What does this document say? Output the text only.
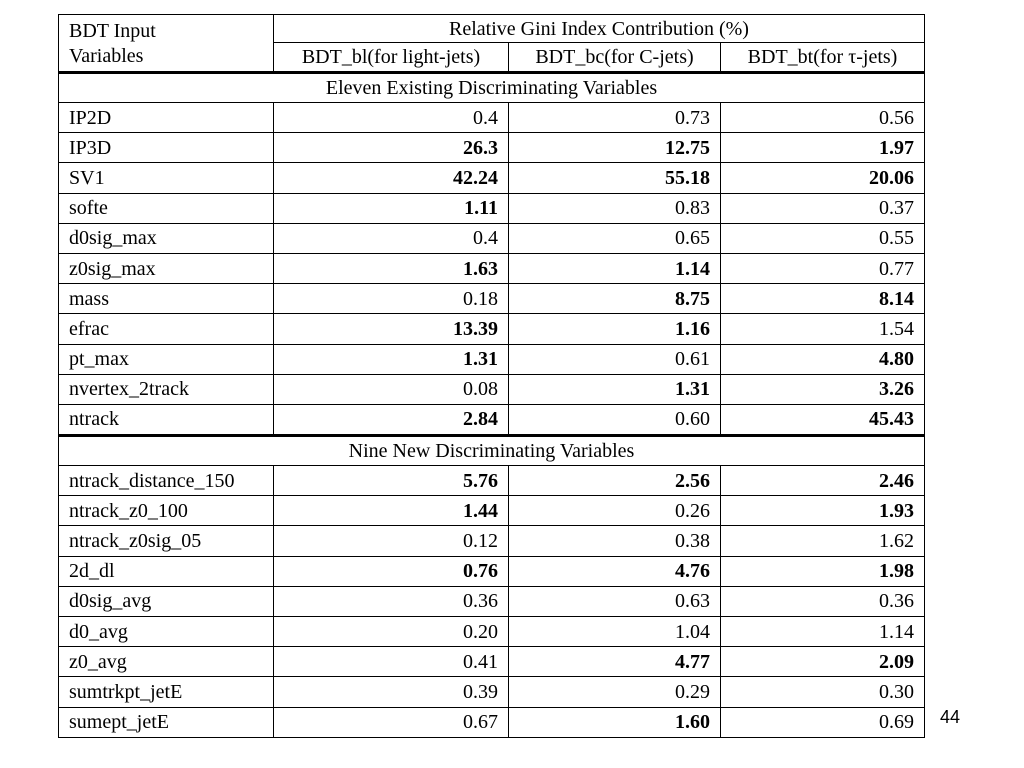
BDT Input
Variables	Relative Gini Index Contribution (%)		
	BDT_bl(for light-jets)	BDT_bc(for C-jets)	BDT_bt(for τ-jets)
Eleven Existing Discriminating Variables			
IP2D	0.4	0.73	0.56
IP3D	26.3	12.75	1.97
SV1	42.24	55.18	20.06
softe	1.11	0.83	0.37
d0sig_max	0.4	0.65	0.55
z0sig_max	1.63	1.14	0.77
mass	0.18	8.75	8.14
efrac	13.39	1.16	1.54
pt_max	1.31	0.61	4.80
nvertex_2track	0.08	1.31	3.26
ntrack	2.84	0.60	45.43
Nine New Discriminating Variables			
ntrack_distance_150	5.76	2.56	2.46
ntrack_z0_100	1.44	0.26	1.93
ntrack_z0sig_05	0.12	0.38	1.62
2d_dl	0.76	4.76	1.98
d0sig_avg	0.36	0.63	0.36
d0_avg	0.20	1.04	1.14
z0_avg	0.41	4.77	2.09
sumtrkpt_jetE	0.39	0.29	0.30
sumept_jetE	0.67	1.60	0.69 44
